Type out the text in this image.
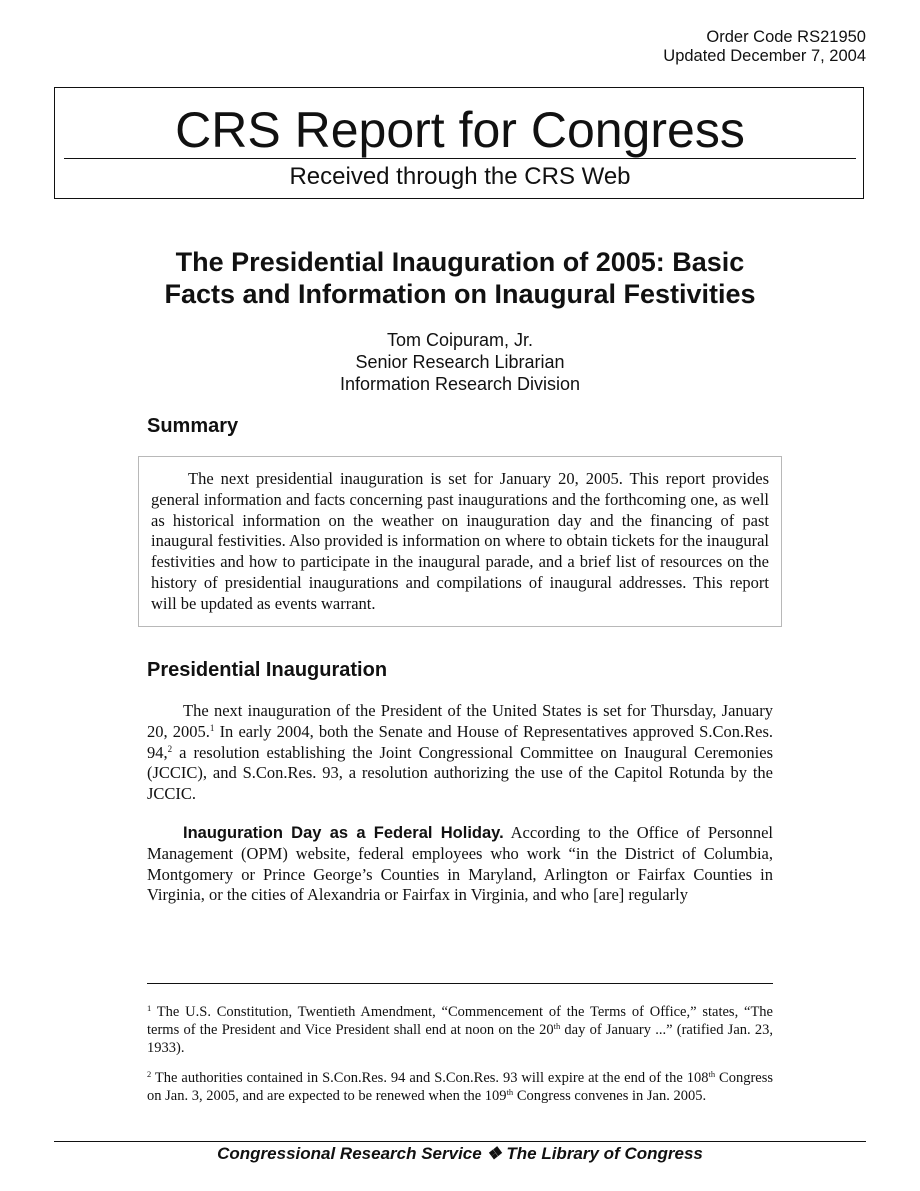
Order Code RS21950
Updated December 7, 2004
CRS Report for Congress
Received through the CRS Web
The Presidential Inauguration of 2005: Basic Facts and Information on Inaugural Festivities
Tom Coipuram, Jr.
Senior Research Librarian
Information Research Division
Summary
The next presidential inauguration is set for January 20, 2005. This report provides general information and facts concerning past inaugurations and the forthcoming one, as well as historical information on the weather on inauguration day and the financing of past inaugural festivities. Also provided is information on where to obtain tickets for the inaugural festivities and how to participate in the inaugural parade, and a brief list of resources on the history of presidential inaugurations and compilations of inaugural addresses. This report will be updated as events warrant.
Presidential Inauguration

The next inauguration of the President of the United States is set for Thursday, January 20, 2005.$^1$ In early 2004, both the Senate and House of Representatives approved S.Con.Res. 94,$^2$ a resolution establishing the Joint Congressional Committee on Inaugural Ceremonies (JCCIC), and S.Con.Res. 93, a resolution authorizing the use of the Capitol Rotunda by the JCCIC.

Inauguration Day as a Federal Holiday. According to the Office of Personnel Management (OPM) website, federal employees who work “in the District of Columbia, Montgomery or Prince George’s Counties in Maryland, Arlington or Fairfax Counties in Virginia, or the cities of Alexandria or Fairfax in Virginia, and who [are] regularly

$^1$ The U.S. Constitution, Twentieth Amendment, “Commencement of the Terms of Office,” states, “The terms of the President and Vice President shall end at noon on the 20th day of January ...” (ratified Jan. 23, 1933).

$^2$ The authorities contained in S.Con.Res. 94 and S.Con.Res. 93 will expire at the end of the 108th Congress on Jan. 3, 2005, and are expected to be renewed when the 109th Congress convenes in Jan. 2005.

Congressional Research Service ❖ The Library of Congress
